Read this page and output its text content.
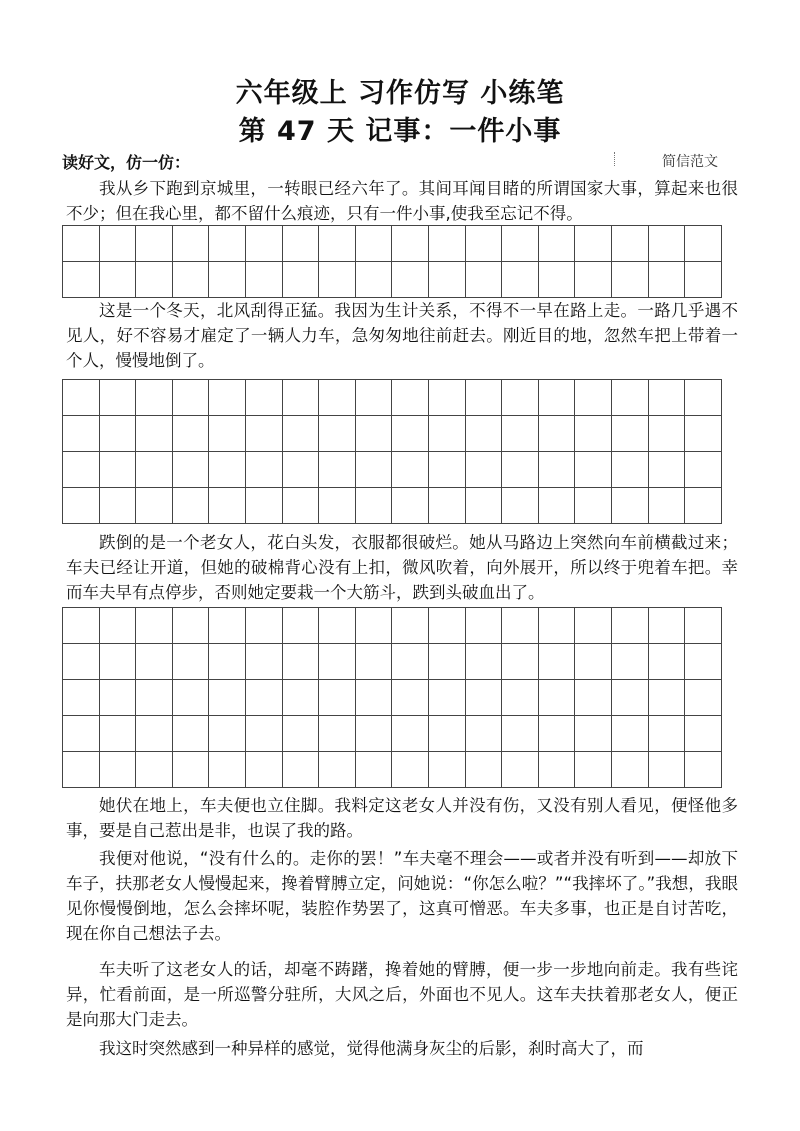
六年级上 习作仿写 小练笔
第 47 天 记事：一件小事

读好文，仿一仿：	简信范文

我从乡下跑到京城里，一转眼已经六年了。其间耳闻目睹的所谓国家大事，算起来也很不少；但在我心里，都不留什么痕迹，只有一件小事,使我至忘记不得。

这是一个冬天，北风刮得正猛。我因为生计关系，不得不一早在路上走。一路几乎遇不见人，好不容易才雇定了一辆人力车，急匆匆地往前赶去。刚近目的地，忽然车把上带着一个人，慢慢地倒了。

跌倒的是一个老女人，花白头发，衣服都很破烂。她从马路边上突然向车前横截过来；车夫已经让开道，但她的破棉背心没有上扣，微风吹着，向外展开，所以终于兜着车把。幸而车夫早有点停步，否则她定要栽一个大筋斗，跌到头破血出了。

她伏在地上，车夫便也立住脚。我料定这老女人并没有伤，又没有别人看见，便怪他多事，要是自己惹出是非，也误了我的路。

我便对他说，“没有什么的。走你的罢！”车夫毫不理会——或者并没有听到——却放下车子，扶那老女人慢慢起来，搀着臂膊立定，问她说：“你怎么啦？”“我摔坏了。”我想，我眼见你慢慢倒地，怎么会摔坏呢，装腔作势罢了，这真可憎恶。车夫多事，也正是自讨苦吃，现在你自己想法子去。

车夫听了这老女人的话，却毫不踌躇，搀着她的臂膊，便一步一步地向前走。我有些诧异，忙看前面，是一所巡警分驻所，大风之后，外面也不见人。这车夫扶着那老女人，便正是向那大门走去。

我这时突然感到一种异样的感觉，觉得他满身灰尘的后影，刹时高大了，而
